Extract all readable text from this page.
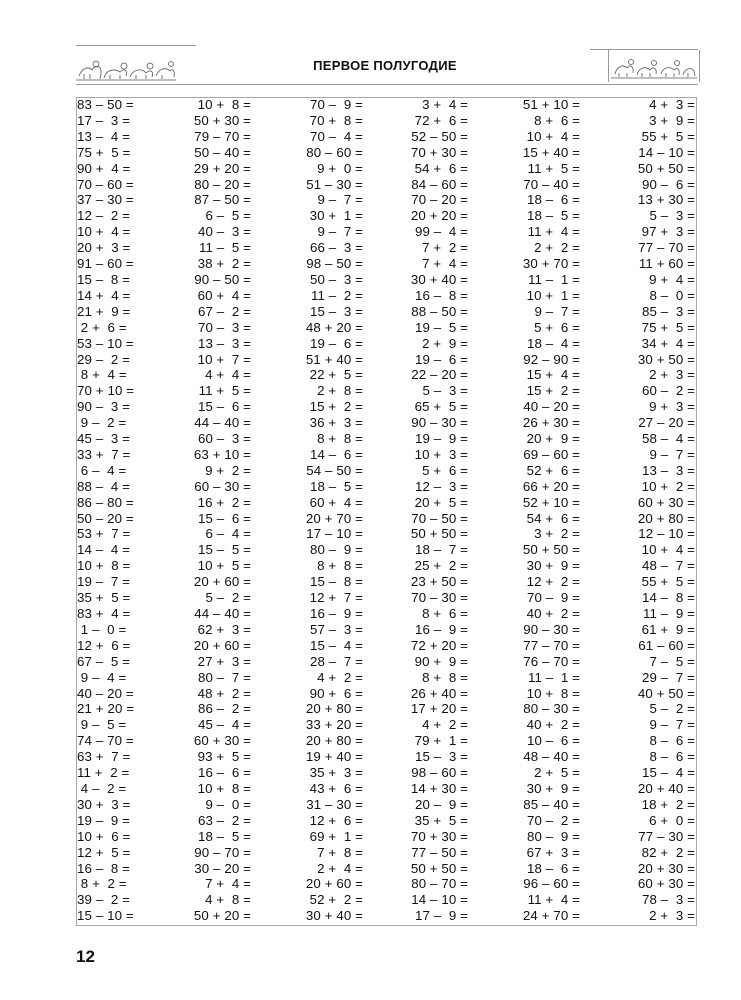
ПЕРВОЕ ПОЛУГОДИЕ
83 – 50 =
17 –  3 =
13 –  4 =
75 +  5 =
90 +  4 =
70 – 60 =
37 – 30 =
12 –  2 =
10 +  4 =
20 +  3 =
91 – 60 =
15 –  8 =
14 +  4 =
21 +  9 =
2 +  6 =
53 – 10 =
29 –  2 =
8 +  4 =
70 + 10 =
90 –  3 =
9 –  2 =
45 –  3 =
33 +  7 =
6 –  4 =
88 –  4 =
86 – 80 =
50 – 20 =
53 +  7 =
14 –  4 =
10 +  8 =
19 –  7 =
35 +  5 =
83 +  4 =
1 –  0 =
12 +  6 =
67 –  5 =
9 –  4 =
40 – 20 =
21 + 20 =
9 –  5 =
74 – 70 =
63 +  7 =
11 +  2 =
4 –  2 =
30 +  3 =
19 –  9 =
10 +  6 =
12 +  5 =
16 –  8 =
8 +  2 =
39 –  2 =
15 – 10 =
10 +  8 =
50 + 30 =
79 – 70 =
50 – 40 =
29 + 20 =
80 – 20 =
87 – 50 =
6 –  5 =
40 –  3 =
11 –  5 =
38 +  2 =
90 – 50 =
60 +  4 =
67 –  2 =
70 –  3 =
13 –  3 =
10 +  7 =
4 +  4 =
11 +  5 =
15 –  6 =
44 – 40 =
60 –  3 =
63 + 10 =
9 +  2 =
60 – 30 =
16 +  2 =
15 –  6 =
6 –  4 =
15 –  5 =
10 +  5 =
20 + 60 =
5 –  2 =
44 – 40 =
62 +  3 =
20 + 60 =
27 +  3 =
80 –  7 =
48 +  2 =
86 –  2 =
45 –  4 =
60 + 30 =
93 +  5 =
16 –  6 =
10 +  8 =
9 –  0 =
63 –  2 =
18 –  5 =
90 – 70 =
30 – 20 =
7 +  4 =
4 +  8 =
50 + 20 =
70 –  9 =
70 +  8 =
70 –  4 =
80 – 60 =
9 +  0 =
51 – 30 =
9 –  7 =
30 +  1 =
9 –  7 =
66 –  3 =
98 – 50 =
50 –  3 =
11 –  2 =
15 –  3 =
48 + 20 =
19 –  6 =
51 + 40 =
22 +  5 =
2 +  8 =
15 +  2 =
36 +  3 =
8 +  8 =
14 –  6 =
54 – 50 =
18 –  5 =
60 +  4 =
20 + 70 =
17 – 10 =
80 –  9 =
8 +  8 =
15 –  8 =
12 +  7 =
16 –  9 =
57 –  3 =
15 –  4 =
28 –  7 =
4 +  2 =
90 +  6 =
20 + 80 =
33 + 20 =
20 + 80 =
19 + 40 =
35 +  3 =
43 +  6 =
31 – 30 =
12 +  6 =
69 +  1 =
7 +  8 =
2 +  4 =
20 + 60 =
52 +  2 =
30 + 40 =
3 +  4 =
72 +  6 =
52 – 50 =
70 + 30 =
54 +  6 =
84 – 60 =
70 – 20 =
20 + 20 =
99 –  4 =
7 +  2 =
7 +  4 =
30 + 40 =
16 –  8 =
88 – 50 =
19 –  5 =
2 +  9 =
19 –  6 =
22 – 20 =
5 –  3 =
65 +  5 =
90 – 30 =
19 –  9 =
10 +  3 =
5 +  6 =
12 –  3 =
20 +  5 =
70 – 50 =
50 + 50 =
18 –  7 =
25 +  2 =
23 + 50 =
70 – 30 =
8 +  6 =
16 –  9 =
72 + 20 =
90 +  9 =
8 +  8 =
26 + 40 =
17 + 20 =
4 +  2 =
79 +  1 =
15 –  3 =
98 – 60 =
14 + 30 =
20 –  9 =
35 +  5 =
70 + 30 =
77 – 50 =
50 + 50 =
80 – 70 =
14 – 10 =
17 –  9 =
51 + 10 =
8 +  6 =
10 +  4 =
15 + 40 =
11 +  5 =
70 – 40 =
18 –  6 =
18 –  5 =
11 +  4 =
2 +  2 =
30 + 70 =
11 –  1 =
10 +  1 =
9 –  7 =
5 +  6 =
18 –  4 =
92 – 90 =
15 +  4 =
15 +  2 =
40 – 20 =
26 + 30 =
20 +  9 =
69 – 60 =
52 +  6 =
66 + 20 =
52 + 10 =
54 +  6 =
3 +  2 =
50 + 50 =
30 +  9 =
12 +  2 =
70 –  9 =
40 +  2 =
90 – 30 =
77 – 70 =
76 – 70 =
11 –  1 =
10 +  8 =
80 – 30 =
40 +  2 =
10 –  6 =
48 – 40 =
2 +  5 =
30 +  9 =
85 – 40 =
70 –  2 =
80 –  9 =
67 +  3 =
18 –  6 =
96 – 60 =
11 +  4 =
24 + 70 =
4 +  3 =
3 +  9 =
55 +  5 =
14 – 10 =
50 + 50 =
90 –  6 =
13 + 30 =
5 –  3 =
97 +  3 =
77 – 70 =
11 + 60 =
9 +  4 =
8 –  0 =
85 –  3 =
75 +  5 =
34 +  4 =
30 + 50 =
2 +  3 =
60 –  2 =
9 +  3 =
27 – 20 =
58 –  4 =
9 –  7 =
13 –  3 =
10 +  2 =
60 + 30 =
20 + 80 =
12 – 10 =
10 +  4 =
48 –  7 =
55 +  5 =
14 –  8 =
11 –  9 =
61 +  9 =
61 – 60 =
7 –  5 =
29 –  7 =
40 + 50 =
5 –  2 =
9 –  7 =
8 –  6 =
8 –  6 =
15 –  4 =
20 + 40 =
18 +  2 =
6 +  0 =
77 – 30 =
82 +  2 =
20 + 30 =
60 + 30 =
78 –  3 =
2 +  3 =
12
